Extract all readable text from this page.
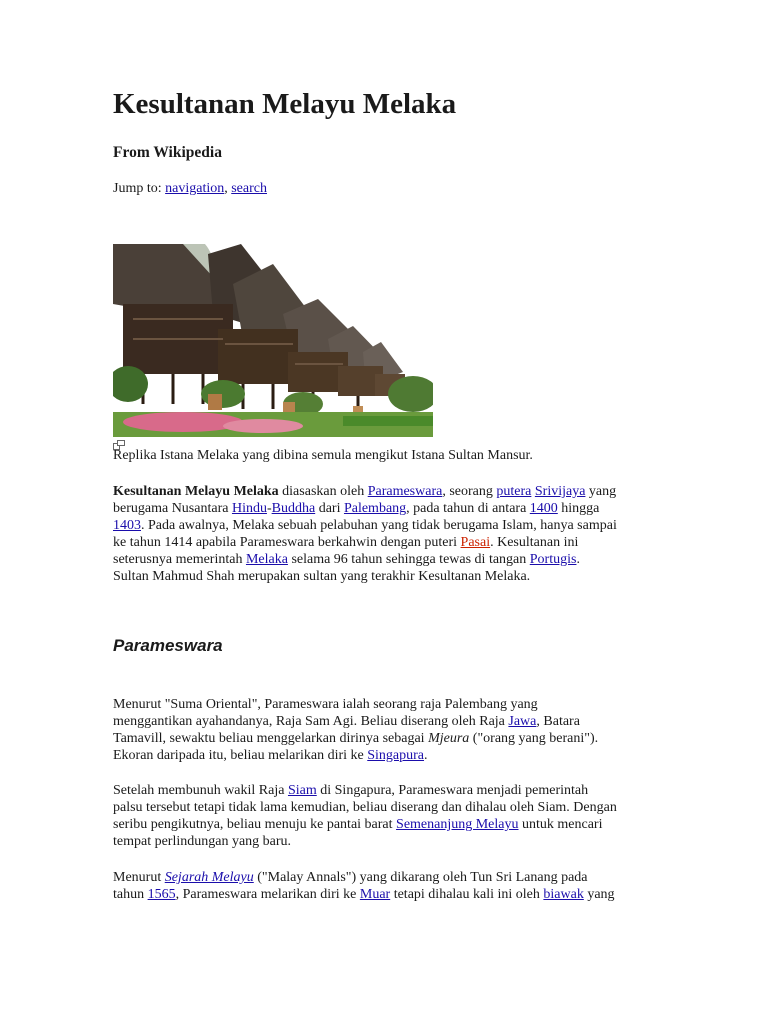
Kesultanan Melayu Melaka
From Wikipedia
Jump to: navigation, search
Replika Istana Melaka yang dibina semula mengikut Istana Sultan Mansur.
Kesultanan Melayu Melaka diasaskan oleh Parameswara, seorang putera Srivijaya yang
berugama Nusantara Hindu-Buddha dari Palembang, pada tahun di antara 1400 hingga
1403. Pada awalnya, Melaka sebuah pelabuhan yang tidak berugama Islam, hanya sampai
ke tahun 1414 apabila Parameswara berkahwin dengan puteri Pasai. Kesultanan ini
seterusnya memerintah Melaka selama 96 tahun sehingga tewas di tangan Portugis.
Sultan Mahmud Shah merupakan sultan yang terakhir Kesultanan Melaka.
Parameswara
Menurut "Suma Oriental", Parameswara ialah seorang raja Palembang yang
menggantikan ayahandanya, Raja Sam Agi. Beliau diserang oleh Raja Jawa, Batara
Tamavill, sewaktu beliau menggelarkan dirinya sebagai Mjeura ("orang yang berani").
Ekoran daripada itu, beliau melarikan diri ke Singapura.
Setelah membunuh wakil Raja Siam di Singapura, Parameswara menjadi pemerintah
palsu tersebut tetapi tidak lama kemudian, beliau diserang dan dihalau oleh Siam. Dengan
seribu pengikutnya, beliau menuju ke pantai barat Semenanjung Melayu untuk mencari
tempat perlindungan yang baru.
Menurut Sejarah Melayu ("Malay Annals") yang dikarang oleh Tun Sri Lanang pada
tahun 1565, Parameswara melarikan diri ke Muar tetapi dihalau kali ini oleh biawak yang
